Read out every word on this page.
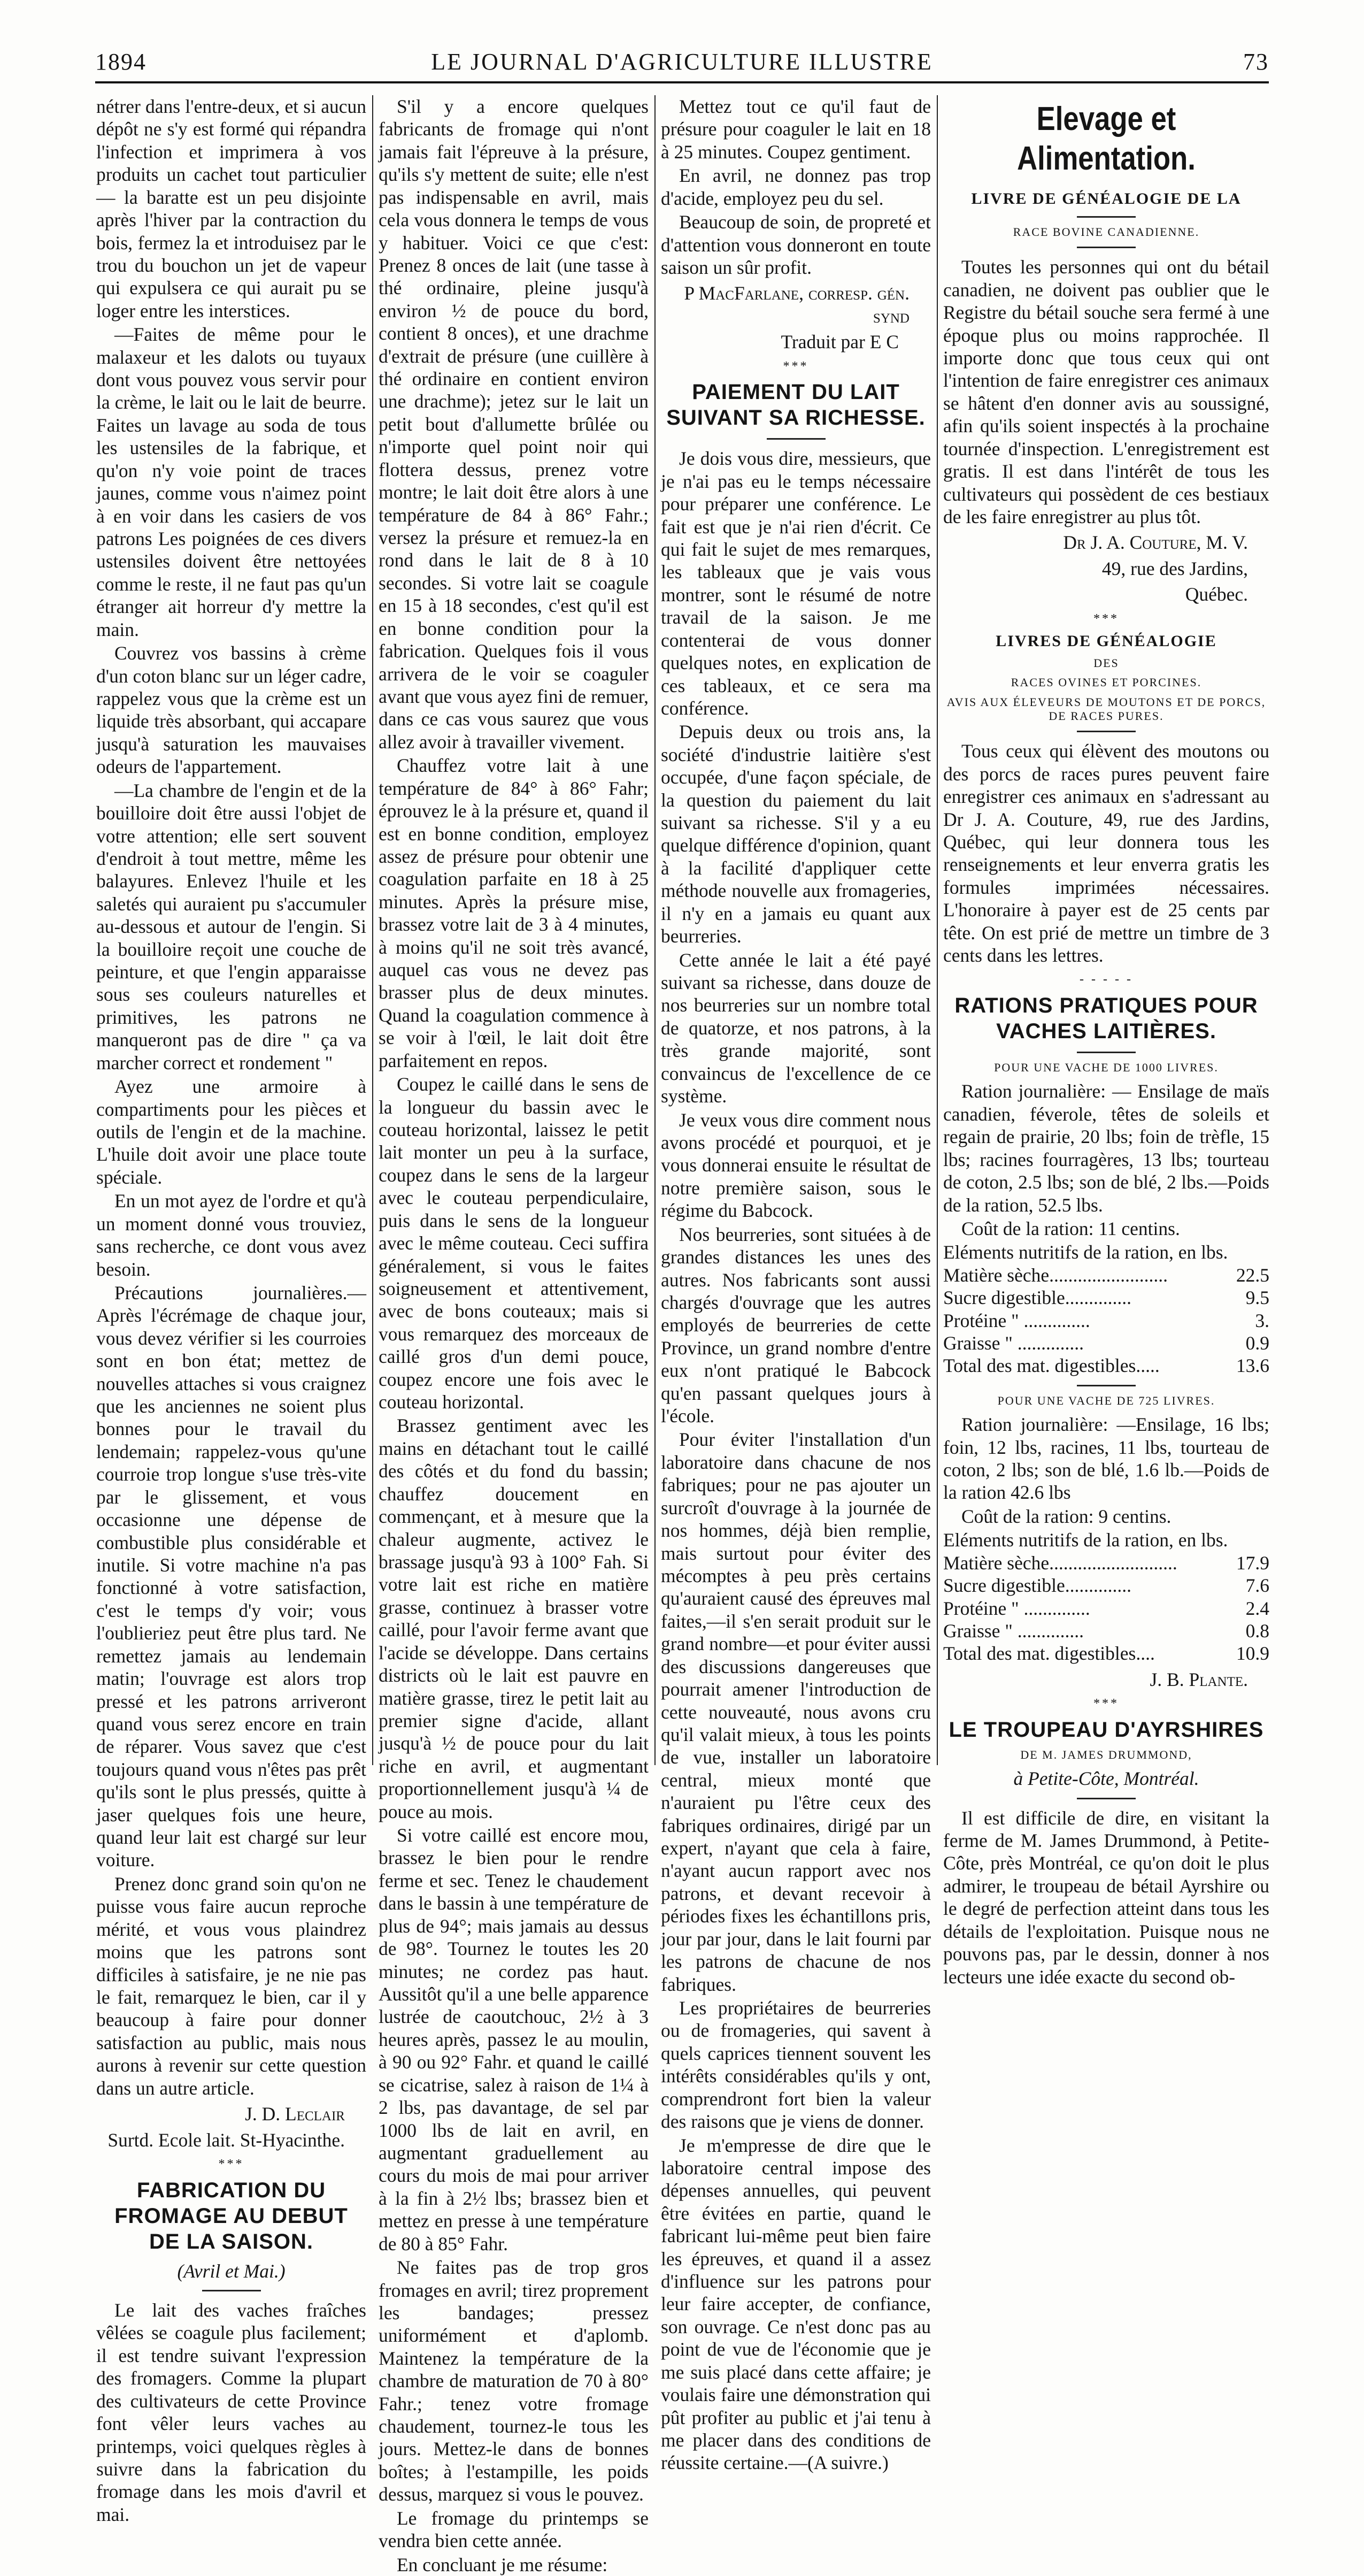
1894	LE JOURNAL D'AGRICULTURE ILLUSTRE	73

nétrer dans l'entre-deux, et si aucun dépôt ne s'y est formé qui répandra l'infection et imprimera à vos produits un cachet tout particulier— la baratte est un peu disjointe après l'hiver par la contraction du bois, fermez la et introduisez par le trou du bouchon un jet de vapeur qui expulsera ce qui aurait pu se loger entre les interstices.

—Faites de même pour le malaxeur et les dalots ou tuyaux dont vous pouvez vous servir pour la crème, le lait ou le lait de beurre. Faites un lavage au soda de tous les ustensiles de la fabrique, et qu'on n'y voie point de traces jaunes, comme vous n'aimez point à en voir dans les casiers de vos patrons Les poignées de ces divers ustensiles doivent être nettoyées comme le reste, il ne faut pas qu'un étranger ait horreur d'y mettre la main.

Couvrez vos bassins à crème d'un coton blanc sur un léger cadre, rappelez vous que la crème est un liquide très absorbant, qui accapare jusqu'à saturation les mauvaises odeurs de l'appartement.

—La chambre de l'engin et de la bouilloire doit être aussi l'objet de votre attention; elle sert souvent d'endroit à tout mettre, même les balayures. Enlevez l'huile et les saletés qui auraient pu s'accumuler au-dessous et autour de l'engin. Si la bouilloire reçoit une couche de peinture, et que l'engin apparaisse sous ses couleurs naturelles et primitives, les patrons ne manqueront pas de dire " ça va marcher correct et rondement "

Ayez une armoire à compartiments pour les pièces et outils de l'engin et de la machine. L'huile doit avoir une place toute spéciale.

En un mot ayez de l'ordre et qu'à un moment donné vous trouviez, sans recherche, ce dont vous avez besoin.

Précautions journalières.—Après l'écrémage de chaque jour, vous devez vérifier si les courroies sont en bon état; mettez de nouvelles attaches si vous craignez que les anciennes ne soient plus bonnes pour le travail du lendemain; rappelez-vous qu'une courroie trop longue s'use très-vite par le glissement, et vous occasionne une dépense de combustible plus considérable et inutile. Si votre machine n'a pas fonctionné à votre satisfaction, c'est le temps d'y voir; vous l'oublieriez peut être plus tard. Ne remettez jamais au lendemain matin; l'ouvrage est alors trop pressé et les patrons arriveront quand vous serez encore en train de réparer. Vous savez que c'est toujours quand vous n'êtes pas prêt qu'ils sont le plus pressés, quitte à jaser quelques fois une heure, quand leur lait est chargé sur leur voiture.

Prenez donc grand soin qu'on ne puisse vous faire aucun reproche mérité, et vous vous plaindrez moins que les patrons sont difficiles à satisfaire, je ne nie pas le fait, remarquez le bien, car il y beaucoup à faire pour donner satisfaction au public, mais nous aurons à revenir sur cette question dans un autre article.

J. D. Leclair
Surtd. Ecole lait. St-Hyacinthe.
***
FABRICATION DU FROMAGE AU DEBUT DE LA SAISON.
(Avril et Mai.)

Le lait des vaches fraîches vêlées se coagule plus facilement; il est tendre suivant l'expression des fromagers. Comme la plupart des cultivateurs de cette Province font vêler leurs vaches au printemps, voici quelques règles à suivre dans la fabrication du fromage dans les mois d'avril et mai.

S'il y a encore quelques fabricants de fromage qui n'ont jamais fait l'épreuve à la présure, qu'ils s'y mettent de suite; elle n'est pas indispensable en avril, mais cela vous donnera le temps de vous y habituer. Voici ce que c'est: Prenez 8 onces de lait (une tasse à thé ordinaire, pleine jusqu'à environ ½ de pouce du bord, contient 8 onces), et une drachme d'extrait de présure (une cuillère à thé ordinaire en contient environ une drachme); jetez sur le lait un petit bout d'allumette brûlée ou n'importe quel point noir qui flottera dessus, prenez votre montre; le lait doit être alors à une température de 84 à 86° Fahr.; versez la présure et remuez-la en rond dans le lait de 8 à 10 secondes. Si votre lait se coagule en 15 à 18 secondes, c'est qu'il est en bonne condition pour la fabrication. Quelques fois il vous arrivera de le voir se coaguler avant que vous ayez fini de remuer, dans ce cas vous saurez que vous allez avoir à travailler vivement.

Chauffez votre lait à une température de 84° à 86° Fahr; éprouvez le à la présure et, quand il est en bonne condition, employez assez de présure pour obtenir une coagulation parfaite en 18 à 25 minutes. Après la présure mise, brassez votre lait de 3 à 4 minutes, à moins qu'il ne soit très avancé, auquel cas vous ne devez pas brasser plus de deux minutes. Quand la coagulation commence à se voir à l'œil, le lait doit être parfaitement en repos.

Coupez le caillé dans le sens de la longueur du bassin avec le couteau horizontal, laissez le petit lait monter un peu à la surface, coupez dans le sens de la largeur avec le couteau perpendiculaire, puis dans le sens de la longueur avec le même couteau. Ceci suffira généralement, si vous le faites soigneusement et attentivement, avec de bons couteaux; mais si vous remarquez des morceaux de caillé gros d'un demi pouce, coupez encore une fois avec le couteau horizontal.

Brassez gentiment avec les mains en détachant tout le caillé des côtés et du fond du bassin; chauffez doucement en commençant, et à mesure que la chaleur augmente, activez le brassage jusqu'à 93 à 100° Fah. Si votre lait est riche en matière grasse, continuez à brasser votre caillé, pour l'avoir ferme avant que l'acide se développe. Dans certains districts où le lait est pauvre en matière grasse, tirez le petit lait au premier signe d'acide, allant jusqu'à ½ de pouce pour du lait riche en avril, et augmentant proportionnellement jusqu'à ¼ de pouce au mois.

Si votre caillé est encore mou, brassez le bien pour le rendre ferme et sec. Tenez le chaudement dans le bassin à une température de plus de 94°; mais jamais au dessus de 98°. Tournez le toutes les 20 minutes; ne cordez pas haut. Aussitôt qu'il a une belle apparence lustrée de caoutchouc, 2½ à 3 heures après, passez le au moulin, à 90 ou 92° Fahr. et quand le caillé se cicatrise, salez à raison de 1¼ à 2 lbs, pas davantage, de sel par 1000 lbs de lait en avril, en augmentant graduellement au cours du mois de mai pour arriver à la fin à 2½ lbs; brassez bien et mettez en presse à une température de 80 à 85° Fahr.

Ne faites pas de trop gros fromages en avril; tirez proprement les bandages; pressez uniformément et d'aplomb. Maintenez la température de la chambre de maturation de 70 à 80° Fahr.; tenez votre fromage chaudement, tournez-le tous les jours. Mettez-le dans de bonnes boîtes; à l'estampille, les poids dessus, marquez si vous le pouvez.

Le fromage du printemps se vendra bien cette année.

En concluant je me résume:

Mettez tout ce qu'il faut de présure pour coaguler le lait en 18 à 25 minutes. Coupez gentiment.

En avril, ne donnez pas trop d'acide, employez peu du sel.

Beaucoup de soin, de propreté et d'attention vous donneront en toute saison un sûr profit.

P MacFarlane, corresp. gén. synd
Traduit par E C
***
PAIEMENT DU LAIT SUIVANT SA RICHESSE.

Je dois vous dire, messieurs, que je n'ai pas eu le temps nécessaire pour préparer une conférence. Le fait est que je n'ai rien d'écrit. Ce qui fait le sujet de mes remarques, les tableaux que je vais vous montrer, sont le résumé de notre travail de la saison. Je me contenterai de vous donner quelques notes, en explication de ces tableaux, et ce sera ma conférence.

Depuis deux ou trois ans, la société d'industrie laitière s'est occupée, d'une façon spéciale, de la question du paiement du lait suivant sa richesse. S'il y a eu quelque différence d'opinion, quant à la facilité d'appliquer cette méthode nouvelle aux fromageries, il n'y en a jamais eu quant aux beurreries.

Cette année le lait a été payé suivant sa richesse, dans douze de nos beurreries sur un nombre total de quatorze, et nos patrons, à la très grande majorité, sont convaincus de l'excellence de ce système.

Je veux vous dire comment nous avons procédé et pourquoi, et je vous donnerai ensuite le résultat de notre première saison, sous le régime du Babcock.

Nos beurreries, sont situées à de grandes distances les unes des autres. Nos fabricants sont aussi chargés d'ouvrage que les autres employés de beurreries de cette Province, un grand nombre d'entre eux n'ont pratiqué le Babcock qu'en passant quelques jours à l'école.

Pour éviter l'installation d'un laboratoire dans chacune de nos fabriques; pour ne pas ajouter un surcroît d'ouvrage à la journée de nos hommes, déjà bien remplie, mais surtout pour éviter des mécomptes à peu près certains qu'auraient causé des épreuves mal faites,—il s'en serait produit sur le grand nombre—et pour éviter aussi des discussions dangereuses que pourrait amener l'introduction de cette nouveauté, nous avons cru qu'il valait mieux, à tous les points de vue, installer un laboratoire central, mieux monté que n'auraient pu l'être ceux des fabriques ordinaires, dirigé par un expert, n'ayant que cela à faire, n'ayant aucun rapport avec nos patrons, et devant recevoir à périodes fixes les échantillons pris, jour par jour, dans le lait fourni par les patrons de chacune de nos fabriques.

Les propriétaires de beurreries ou de fromageries, qui savent à quels caprices tiennent souvent les intérêts considérables qu'ils y ont, comprendront fort bien la valeur des raisons que je viens de donner.

Je m'empresse de dire que le laboratoire central impose des dépenses annuelles, qui peuvent être évitées en partie, quand le fabricant lui-même peut bien faire les épreuves, et quand il a assez d'influence sur les patrons pour leur faire accepter, de confiance, son ouvrage. Ce n'est donc pas au point de vue de l'économie que je me suis placé dans cette affaire; je voulais faire une démonstration qui pût profiter au public et j'ai tenu à me placer dans des conditions de réussite certaine.—(A suivre.)

Elevage et Alimentation.
LIVRE DE GÉNÉALOGIE DE LA
RACE BOVINE CANADIENNE.

Toutes les personnes qui ont du bétail canadien, ne doivent pas oublier que le Registre du bétail souche sera fermé à une époque plus ou moins rapprochée. Il importe donc que tous ceux qui ont l'intention de faire enregistrer ces animaux se hâtent d'en donner avis au soussigné, afin qu'ils soient inspectés à la prochaine tournée d'inspection. L'enregistrement est gratis. Il est dans l'intérêt de tous les cultivateurs qui possèdent de ces bestiaux de les faire enregistrer au plus tôt.

Dr J. A. Couture, M. V.
49, rue des Jardins,
Québec.
***
LIVRES DE GÉNÉALOGIE
DES
RACES OVINES ET PORCINES.
AVIS AUX ÉLEVEURS DE MOUTONS ET DE PORCS, DE RACES PURES.

Tous ceux qui élèvent des moutons ou des porcs de races pures peuvent faire enregistrer ces animaux en s'adressant au Dr J. A. Couture, 49, rue des Jardins, Québec, qui leur donnera tous les renseignements et leur enverra gratis les formules imprimées nécessaires. L'honoraire à payer est de 25 cents par tête. On est prié de mettre un timbre de 3 cents dans les lettres.

- - - - -
RATIONS PRATIQUES POUR VACHES LAITIÈRES.
POUR UNE VACHE DE 1000 LIVRES.

Ration journalière: — Ensilage de maïs canadien, féverole, têtes de soleils et regain de prairie, 20 lbs; foin de trèfle, 15 lbs; racines fourragères, 13 lbs; tourteau de coton, 2.5 lbs; son de blé, 2 lbs.—Poids de la ration, 52.5 lbs.

Coût de la ration: 11 centins.

Eléments nutritifs de la ration, en lbs.
Matière sèche.........................	22.5
Sucre digestible..............	9.5
Protéine " ..............	3.
Graisse " ..............	0.9
Total des mat. digestibles.....	13.6
POUR UNE VACHE DE 725 LIVRES.

Ration journalière: —Ensilage, 16 lbs; foin, 12 lbs, racines, 11 lbs, tourteau de coton, 2 lbs; son de blé, 1.6 lb.—Poids de la ration 42.6 lbs

Coût de la ration: 9 centins.

Eléments nutritifs de la ration, en lbs.
Matière sèche...........................	17.9
Sucre digestible..............	7.6
Protéine " ..............	2.4
Graisse " ..............	0.8
Total des mat. digestibles....	10.9
J. B. Plante.
***
LE TROUPEAU D'AYRSHIRES
DE M. JAMES DRUMMOND,
à Petite-Côte, Montréal.

Il est difficile de dire, en visitant la ferme de M. James Drummond, à Petite-Côte, près Montréal, ce qu'on doit le plus admirer, le troupeau de bétail Ayrshire ou le degré de perfection atteint dans tous les détails de l'exploitation. Puisque nous ne pouvons pas, par le dessin, donner à nos lecteurs une idée exacte du second ob-
